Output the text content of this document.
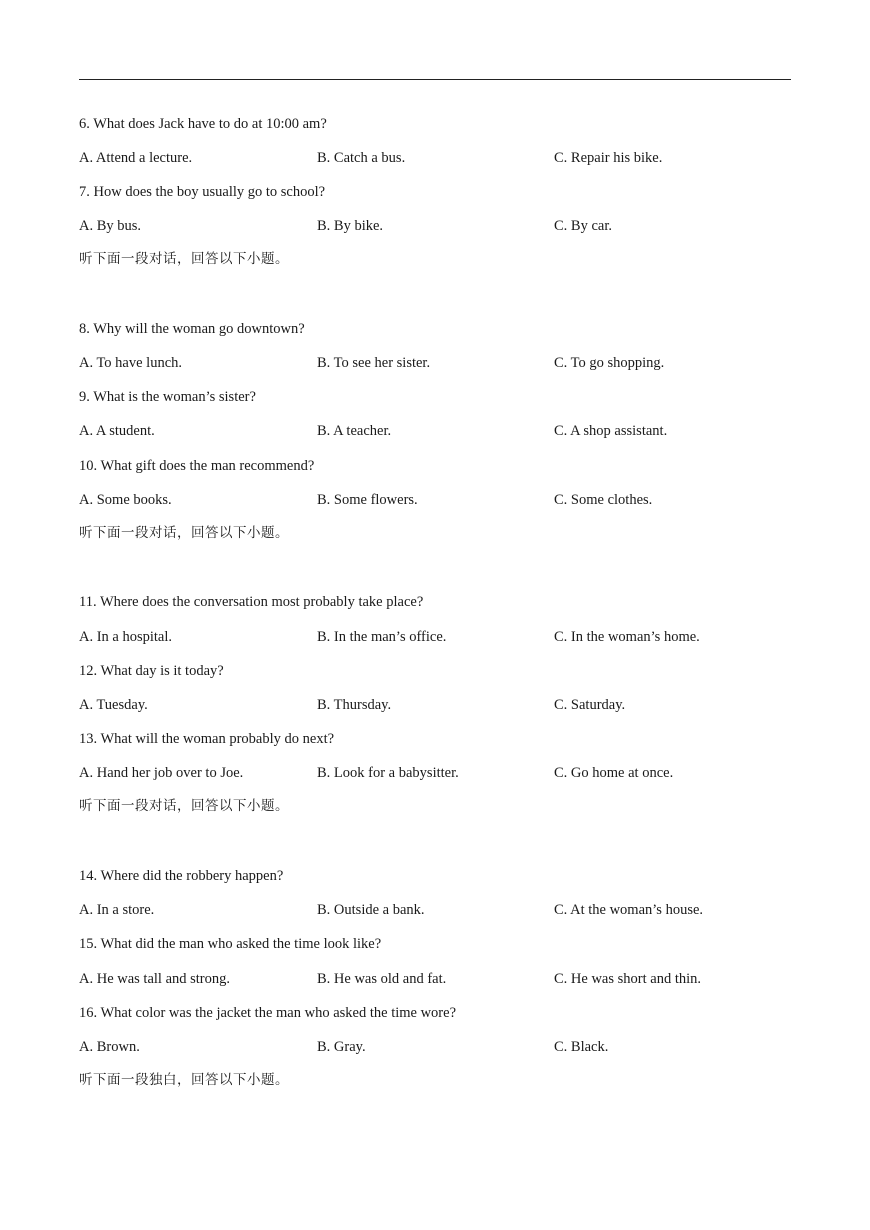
6. What does Jack have to do at 10:00 am?
A. Attend a lecture.	B. Catch a bus.	C. Repair his bike.
7. How does the boy usually go to school?
A. By bus.	B. By bike.	C. By car.
听下面一段对话，回答以下小题。
8. Why will the woman go downtown?
A. To have lunch.	B. To see her sister.	C. To go shopping.
9. What is the woman’s sister?
A. A student.	B. A teacher.	C. A shop assistant.
10. What gift does the man recommend?
A. Some books.	B. Some flowers.	C. Some clothes.
听下面一段对话，回答以下小题。
11. Where does the conversation most probably take place?
A. In a hospital.	B. In the man’s office.	C. In the woman’s home.
12. What day is it today?
A. Tuesday.	B. Thursday.	C. Saturday.
13. What will the woman probably do next?
A. Hand her job over to Joe.	B. Look for a babysitter.	C. Go home at once.
听下面一段对话，回答以下小题。
14. Where did the robbery happen?
A. In a store.	B. Outside a bank.	C. At the woman’s house.
15. What did the man who asked the time look like?
A. He was tall and strong.	B. He was old and fat.	C. He was short and thin.
16. What color was the jacket the man who asked the time wore?
A. Brown.	B. Gray.	C. Black.
听下面一段独白，回答以下小题。
